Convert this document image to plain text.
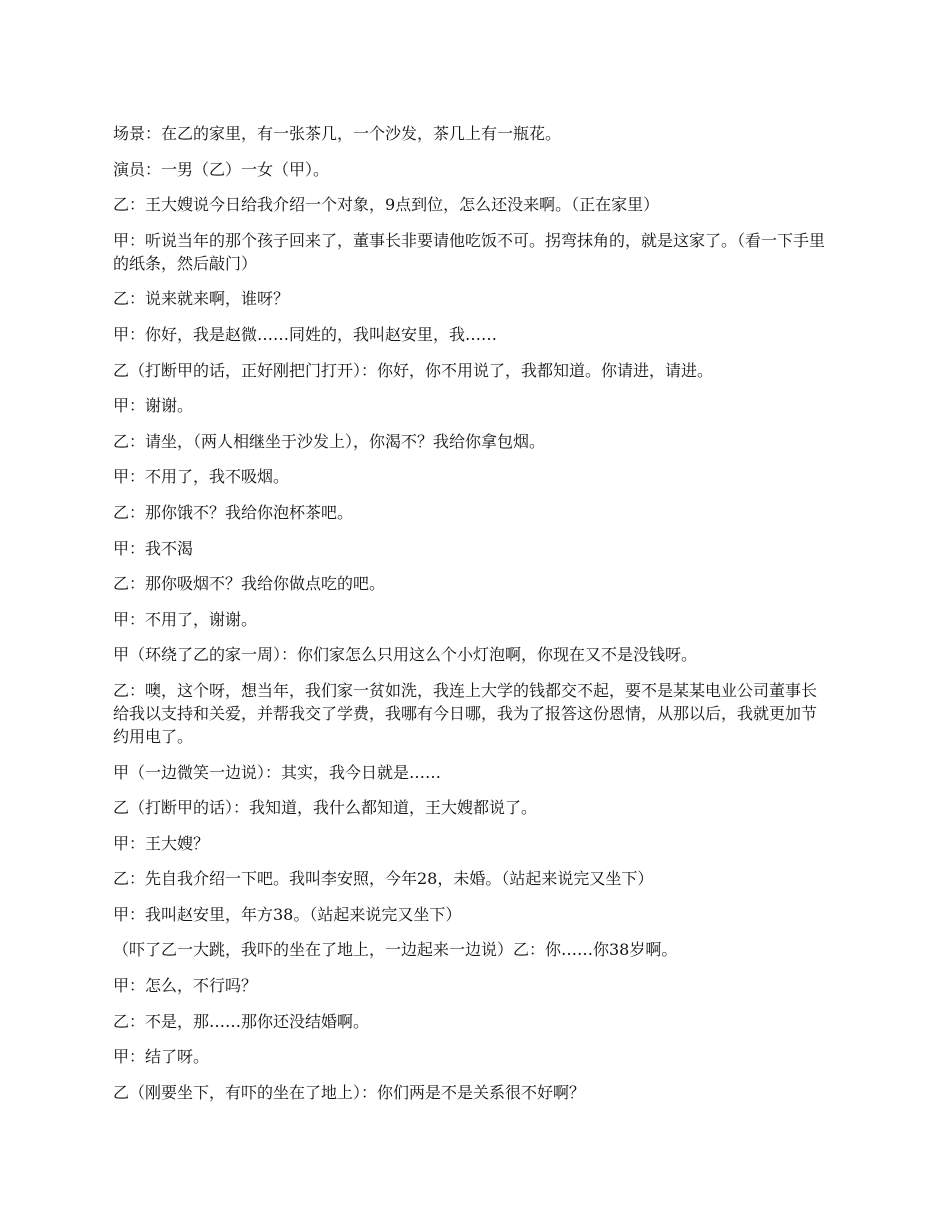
场景：在乙的家里，有一张茶几，一个沙发，茶几上有一瓶花。

演员：一男（乙）一女（甲）。

乙：王大嫂说今日给我介绍一个对象，9点到位，怎么还没来啊。（正在家里）

甲：听说当年的那个孩子回来了，董事长非要请他吃饭不可。拐弯抹角的，就是这家了。（看一下手里的纸条，然后敲门）

乙：说来就来啊，谁呀？

甲：你好，我是赵微……同姓的，我叫赵安里，我……

乙（打断甲的话，正好刚把门打开）：你好，你不用说了，我都知道。你请进，请进。

甲：谢谢。

乙：请坐，（两人相继坐于沙发上），你渴不？我给你拿包烟。

甲：不用了，我不吸烟。

乙：那你饿不？我给你泡杯茶吧。

甲：我不渴

乙：那你吸烟不？我给你做点吃的吧。

甲：不用了，谢谢。

甲（环绕了乙的家一周）：你们家怎么只用这么个小灯泡啊，你现在又不是没钱呀。

乙：噢，这个呀，想当年，我们家一贫如洗，我连上大学的钱都交不起，要不是某某电业公司董事长给我以支持和关爱，并帮我交了学费，我哪有今日哪，我为了报答这份恩情，从那以后，我就更加节约用电了。

甲（一边微笑一边说）：其实，我今日就是……

乙（打断甲的话）：我知道，我什么都知道，王大嫂都说了。

甲：王大嫂？

乙：先自我介绍一下吧。我叫李安照，今年28，未婚。（站起来说完又坐下）

甲：我叫赵安里，年方38。（站起来说完又坐下）

（吓了乙一大跳，我吓的坐在了地上，一边起来一边说）乙：你……你38岁啊。

甲：怎么，不行吗？

乙：不是，那……那你还没结婚啊。

甲：结了呀。

乙（刚要坐下，有吓的坐在了地上）：你们两是不是关系很不好啊？
